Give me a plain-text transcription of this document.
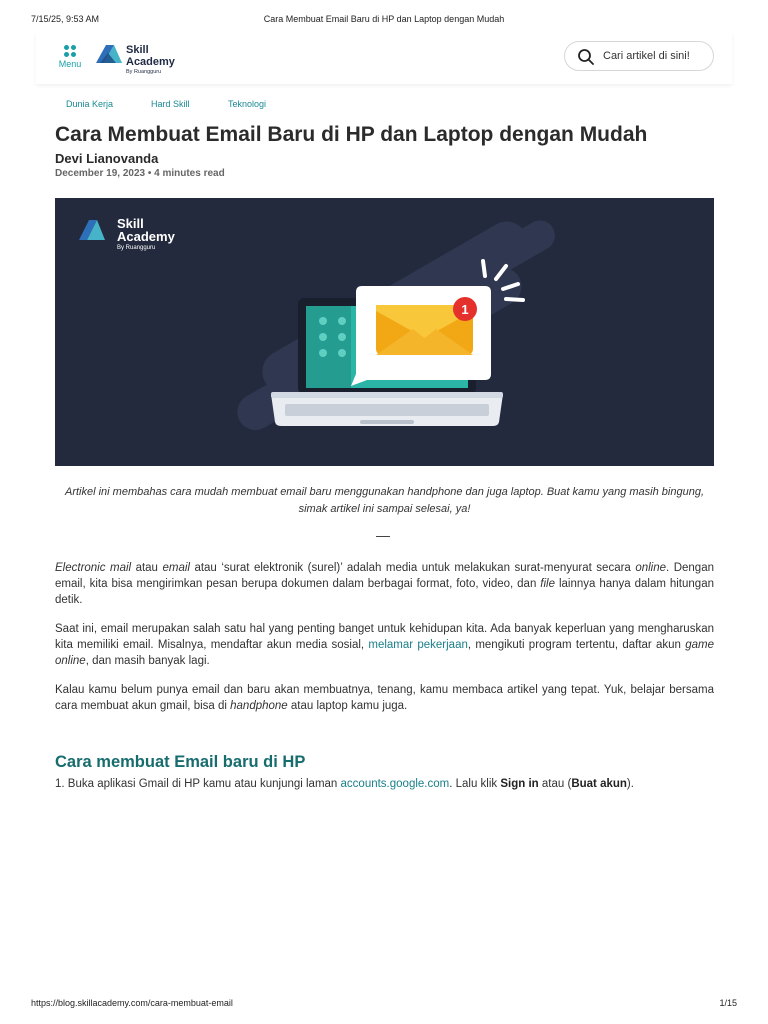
7/15/25, 9:53 AM	Cara Membuat Email Baru di HP dan Laptop dengan Mudah
Menu
Skill
Academy
By Ruangguru
Cari artikel di sini!
Dunia Kerja	Hard Skill	Teknologi
Cara Membuat Email Baru di HP dan Laptop dengan Mudah
Devi Lianovanda
December 19, 2023 • 4 minutes read
Skill
Academy
By Ruangguru
1

Artikel ini membahas cara mudah membuat email baru menggunakan handphone dan juga laptop. Buat kamu yang masih bingung, simak artikel ini sampai selesai, ya!

Electronic mail atau email atau ‘surat elektronik (surel)’ adalah media untuk melakukan surat-menyurat secara online. Dengan email, kita bisa mengirimkan pesan berupa dokumen dalam berbagai format, foto, video, dan file lainnya hanya dalam hitungan detik.

Saat ini, email merupakan salah satu hal yang penting banget untuk kehidupan kita. Ada banyak keperluan yang mengharuskan kita memiliki email. Misalnya, mendaftar akun media sosial, melamar pekerjaan, mengikuti program tertentu, daftar akun game online, dan masih banyak lagi.

Kalau kamu belum punya email dan baru akan membuatnya, tenang, kamu membaca artikel yang tepat. Yuk, belajar bersama cara membuat akun gmail, bisa di handphone atau laptop kamu juga.

Cara membuat Email baru di HP

1. Buka aplikasi Gmail di HP kamu atau kunjungi laman accounts.google.com. Lalu klik Sign in atau (Buat akun).

https://blog.skillacademy.com/cara-membuat-email	1/15
